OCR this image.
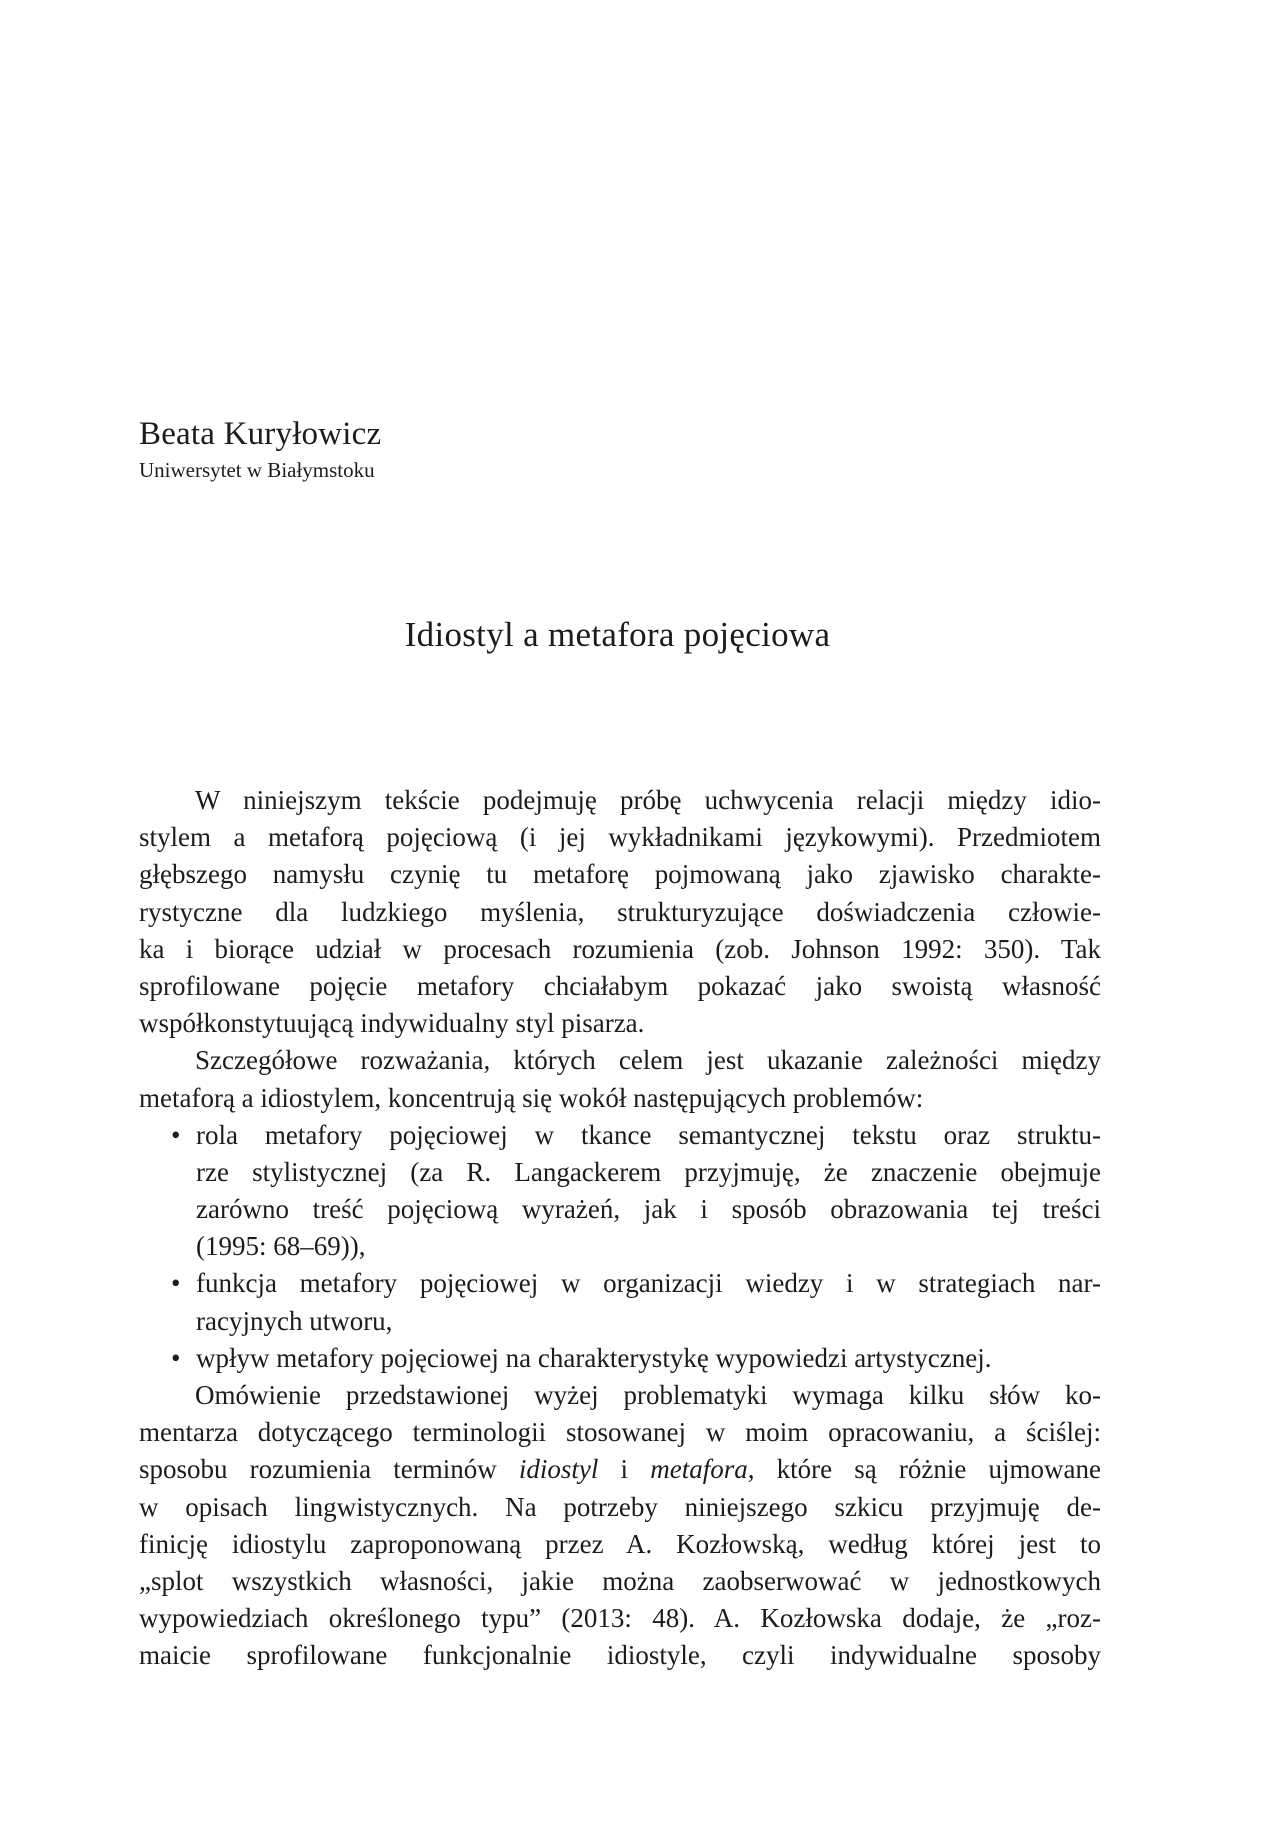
Beata Kuryłowicz
Uniwersytet w Białymstoku
Idiostyl a metafora pojęciowa
W niniejszym tekście podejmuję próbę uchwycenia relacji między idio-
stylem a metaforą pojęciową (i jej wykładnikami językowymi). Przedmiotem
głębszego namysłu czynię tu metaforę pojmowaną jako zjawisko charakte-
rystyczne dla ludzkiego myślenia, strukturyzujące doświadczenia człowie-
ka i biorące udział w procesach rozumienia (zob. Johnson 1992: 350). Tak
sprofilowane pojęcie metafory chciałabym pokazać jako swoistą własność
współkonstytuującą indywidualny styl pisarza.
Szczegółowe rozważania, których celem jest ukazanie zależności między
metaforą a idiostylem, koncentrują się wokół następujących problemów:
• rola metafory pojęciowej w tkance semantycznej tekstu oraz struktu-
rze stylistycznej (za R. Langackerem przyjmuję, że znaczenie obejmuje
zarówno treść pojęciową wyrażeń, jak i sposób obrazowania tej treści
(1995: 68–69)),
• funkcja metafory pojęciowej w organizacji wiedzy i w strategiach nar-
racyjnych utworu,
• wpływ metafory pojęciowej na charakterystykę wypowiedzi artystycznej.
Omówienie przedstawionej wyżej problematyki wymaga kilku słów ko-
mentarza dotyczącego terminologii stosowanej w moim opracowaniu, a ściślej:
sposobu rozumienia terminów idiostyl i metafora, które są różnie ujmowane
w opisach lingwistycznych. Na potrzeby niniejszego szkicu przyjmuję de-
finicję idiostylu zaproponowaną przez A. Kozłowską, według której jest to
„splot wszystkich własności, jakie można zaobserwować w jednostkowych
wypowiedziach określonego typu” (2013: 48). A. Kozłowska dodaje, że „roz-
maicie sprofilowane funkcjonalnie idiostyle, czyli indywidualne sposoby
